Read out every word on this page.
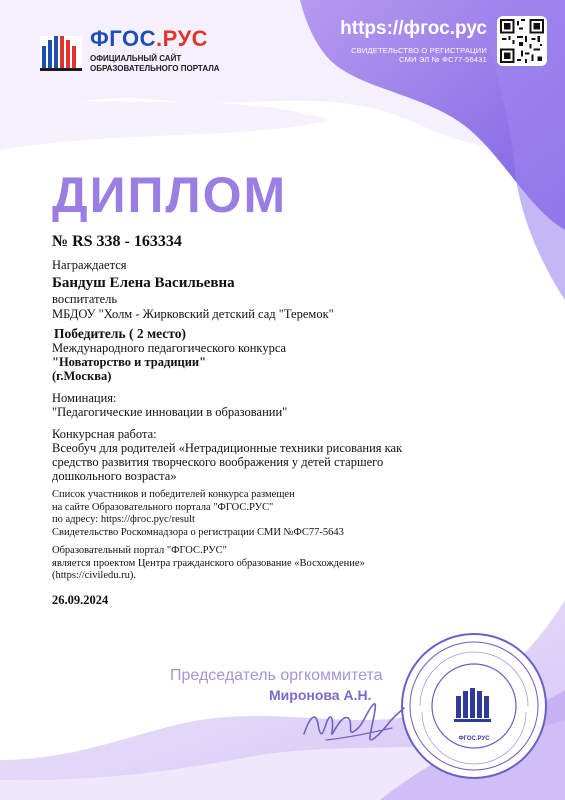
ФГОС.РУС
ОФИЦИАЛЬНЫЙ САЙТ
ОБРАЗОВАТЕЛЬНОГО ПОРТАЛА
https://фгос.рус
СВИДЕТЕЛЬСТВО О РЕГИСТРАЦИИ
СМИ ЭЛ № ФС77-56431
ДИПЛОМ
№ RS 338 - 163334
Награждается
Бандуш Елена Васильевна
воспитатель
МБДОУ "Холм - Жирковский детский сад "Теремок"
Победитель ( 2 место)
Международного педагогического конкурса
"Новаторство и традиции"
(г.Москва)
Номинация:
"Педагогические инновации в образовании"
Конкурсная работа:
Всеобуч для родителей «Нетрадиционные техники рисования как
средство развития творческого воображения у детей старшего
дошкольного возраста»
Список участников и победителей конкурса размещен
на сайте Образовательного портала "ФГОС.РУС"
по адресу: https://фгос.рус/result
Свидетельство Роскомнадзора о регистрации СМИ №ФС77-5643
Образовательный портал "ФГОС.РУС"
является проектом Центра гражданского образование «Восхождение»
(https://civiledu.ru).
26.09.2024
Председатель оргкоммитета
Миронова А.Н.
ФГОС.РУС
